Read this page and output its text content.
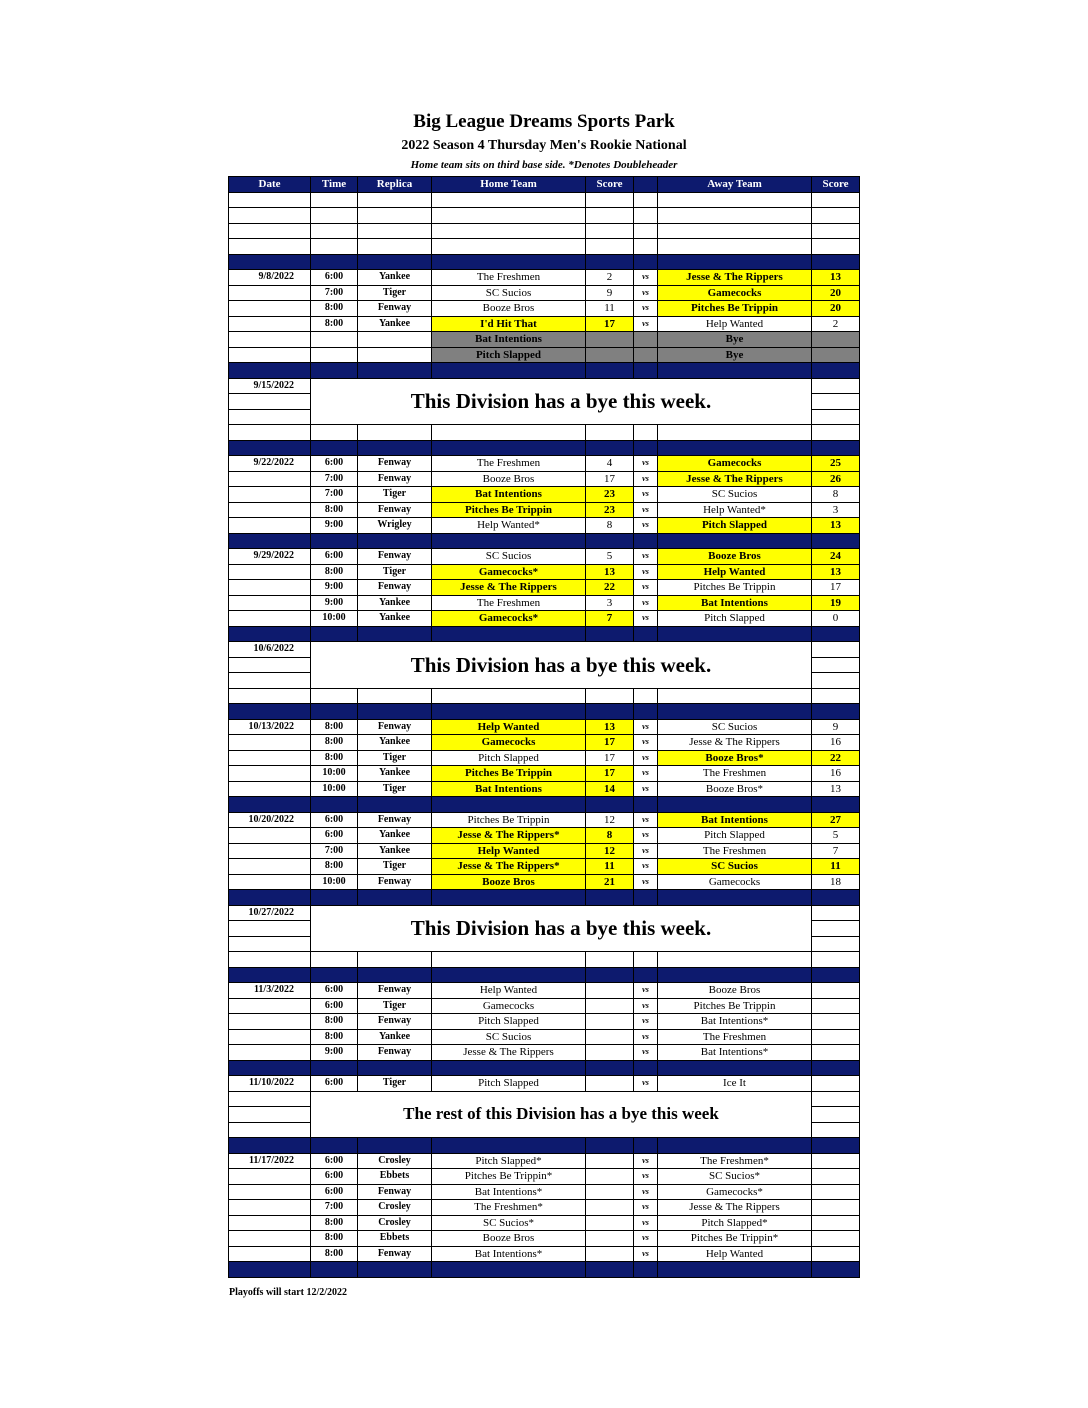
Big League Dreams Sports Park
2022 Season 4 Thursday Men's Rookie National
Home team sits on third base side. *Denotes Doubleheader
Date	Time	Replica	Home Team	Score		Away Team	Score

9/8/2022	6:00	Yankee	The Freshmen	2	vs	Jesse & The Rippers	13
	7:00	Tiger	SC Sucios	9	vs	Gamecocks	20
	8:00	Fenway	Booze Bros	11	vs	Pitches Be Trippin	20
	8:00	Yankee	I'd Hit That	17	vs	Help Wanted	2
			Bat Intentions			Bye	
			Pitch Slapped			Bye	

9/15/2022	This Division has a bye this week.						

9/22/2022	6:00	Fenway	The Freshmen	4	vs	Gamecocks	25
	7:00	Fenway	Booze Bros	17	vs	Jesse & The Rippers	26
	7:00	Tiger	Bat Intentions	23	vs	SC Sucios	8
	8:00	Fenway	Pitches Be Trippin	23	vs	Help Wanted*	3
	9:00	Wrigley	Help Wanted*	8	vs	Pitch Slapped	13

9/29/2022	6:00	Fenway	SC Sucios	5	vs	Booze Bros	24
	8:00	Tiger	Gamecocks*	13	vs	Help Wanted	13
	9:00	Fenway	Jesse & The Rippers	22	vs	Pitches Be Trippin	17
	9:00	Yankee	The Freshmen	3	vs	Bat Intentions	19
	10:00	Yankee	Gamecocks*	7	vs	Pitch Slapped	0

10/6/2022	This Division has a bye this week.						

10/13/2022	8:00	Fenway	Help Wanted	13	vs	SC Sucios	9
	8:00	Yankee	Gamecocks	17	vs	Jesse & The Rippers	16
	8:00	Tiger	Pitch Slapped	17	vs	Booze Bros*	22
	10:00	Yankee	Pitches Be Trippin	17	vs	The Freshmen	16
	10:00	Tiger	Bat Intentions	14	vs	Booze Bros*	13

10/20/2022	6:00	Fenway	Pitches Be Trippin	12	vs	Bat Intentions	27
	6:00	Yankee	Jesse & The Rippers*	8	vs	Pitch Slapped	5
	7:00	Yankee	Help Wanted	12	vs	The Freshmen	7
	8:00	Tiger	Jesse & The Rippers*	11	vs	SC Sucios	11
	10:00	Fenway	Booze Bros	21	vs	Gamecocks	18

10/27/2022	This Division has a bye this week.						

11/3/2022	6:00	Fenway	Help Wanted		vs	Booze Bros	
	6:00	Tiger	Gamecocks		vs	Pitches Be Trippin	
	8:00	Fenway	Pitch Slapped		vs	Bat Intentions*	
	8:00	Yankee	SC Sucios		vs	The Freshmen	
	9:00	Fenway	Jesse & The Rippers		vs	Bat Intentions*	

11/10/2022	6:00	Tiger	Pitch Slapped		vs	Ice It	
	The rest of this Division has a bye this week						

11/17/2022	6:00	Crosley	Pitch Slapped*		vs	The Freshmen*	
	6:00	Ebbets	Pitches Be Trippin*		vs	SC Sucios*	
	6:00	Fenway	Bat Intentions*		vs	Gamecocks*	
	7:00	Crosley	The Freshmen*		vs	Jesse & The Rippers	
	8:00	Crosley	SC Sucios*		vs	Pitch Slapped*	
	8:00	Ebbets	Booze Bros		vs	Pitches Be Trippin*	
	8:00	Fenway	Bat Intentions*		vs	Help Wanted	

Playoffs will start 12/2/2022
